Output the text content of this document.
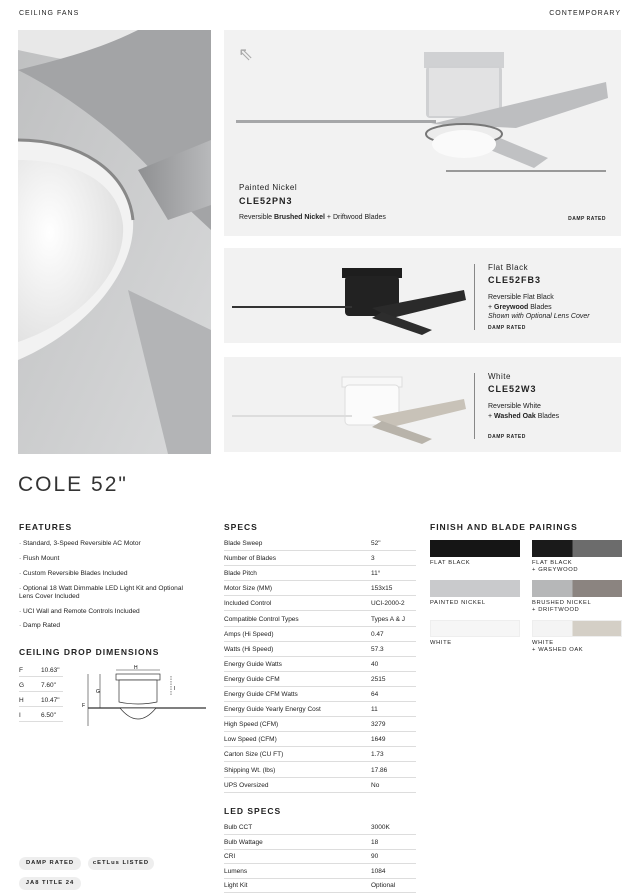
CEILING FANS	CONTEMPORARY
⇖
Painted Nickel
CLE52PN3
Reversible Brushed Nickel + Driftwood Blades	DAMP RATED
Flat Black
CLE52FB3
Reversible Flat Black
+ Greywood Blades
Shown with Optional Lens Cover
DAMP RATED
White
CLE52W3
Reversible White
+ Washed Oak Blades
DAMP RATED
COLE 52"
FEATURES
· Standard, 3-Speed Reversible AC Motor
· Flush Mount
· Custom Reversible Blades Included
· Optional 18 Watt Dimmable LED Light Kit and Optional Lens Cover Included
· UCI Wall and Remote Controls Included
· Damp Rated
CEILING DROP DIMENSIONS
F	10.63"
G	7.60"
H	10.47"
I	6.50"
H
G	I
F
SPECS
Blade Sweep	52"
Number of Blades	3
Blade Pitch	11°
Motor Size (MM)	153x15
Included Control	UCI-2000-2
Compatible Control Types	Types A & J
Amps (Hi Speed)	0.47
Watts (Hi Speed)	57.3
Energy Guide Watts	40
Energy Guide CFM	2515
Energy Guide CFM Watts	64
Energy Guide Yearly Energy Cost	11
High Speed (CFM)	3279
Low Speed (CFM)	1649
Carton Size (CU FT)	1.73
Shipping Wt. (lbs)	17.86
UPS Oversized	No
LED SPECS
Bulb CCT	3000K
Bulb Wattage	18
CRI	90
Lumens	1084
Light Kit	Optional
FINISH AND BLADE PAIRINGS
FLAT BLACK	FLAT BLACK
+ GREYWOOD
PAINTED NICKEL	BRUSHED NICKEL
+ DRIFTWOOD
WHITE	WHITE
+ WASHED OAK
DAMP RATED	cETLus LISTED
JA8 TITLE 24
